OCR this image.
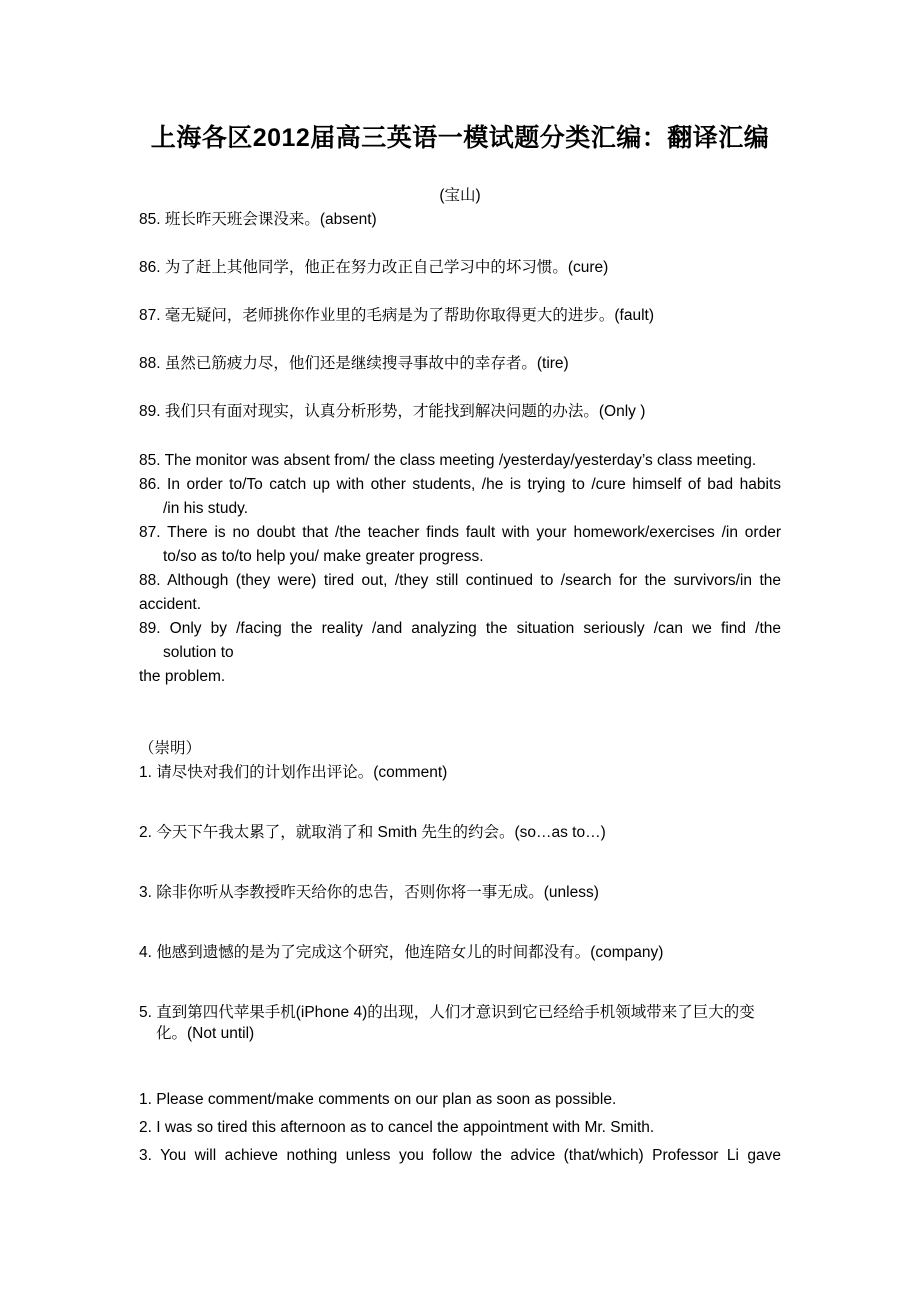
上海各区2012届高三英语一模试题分类汇编：翻译汇编
(宝山)
85. 班长昨天班会课没来。(absent)
86. 为了赶上其他同学，他正在努力改正自己学习中的坏习惯。(cure)
87. 毫无疑问，老师挑你作业里的毛病是为了帮助你取得更大的进步。(fault)
88. 虽然已筋疲力尽，他们还是继续搜寻事故中的幸存者。(tire)
89. 我们只有面对现实，认真分析形势，才能找到解决问题的办法。(Only )
85. The monitor was absent from/ the class meeting /yesterday/yesterday’s class meeting.
86. In order to/To catch up with other students, /he is trying to /cure himself of bad habits
/in his study.
87. There is no doubt that /the teacher finds fault with your homework/exercises /in order
to/so as to/to help you/ make greater progress.
88. Although (they were) tired out, /they still continued to /search for the survivors/in the
accident.
89. Only by /facing the reality /and analyzing the situation seriously /can we find /the
solution to
the problem.
（崇明）
1. 请尽快对我们的计划作出评论。(comment)
2. 今天下午我太累了，就取消了和 Smith 先生的约会。(so…as to…)
3. 除非你听从李教授昨天给你的忠告，否则你将一事无成。(unless)
4. 他感到遗憾的是为了完成这个研究，他连陪女儿的时间都没有。(company)
5. 直到第四代苹果手机(iPhone 4)的出现，人们才意识到它已经给手机领域带来了巨大的变
化。(Not until)
1. Please comment/make comments on our plan as soon as possible.
2. I was so tired this afternoon as to cancel the appointment with Mr. Smith.
3. You will achieve nothing unless you follow the advice (that/which) Professor Li gave
